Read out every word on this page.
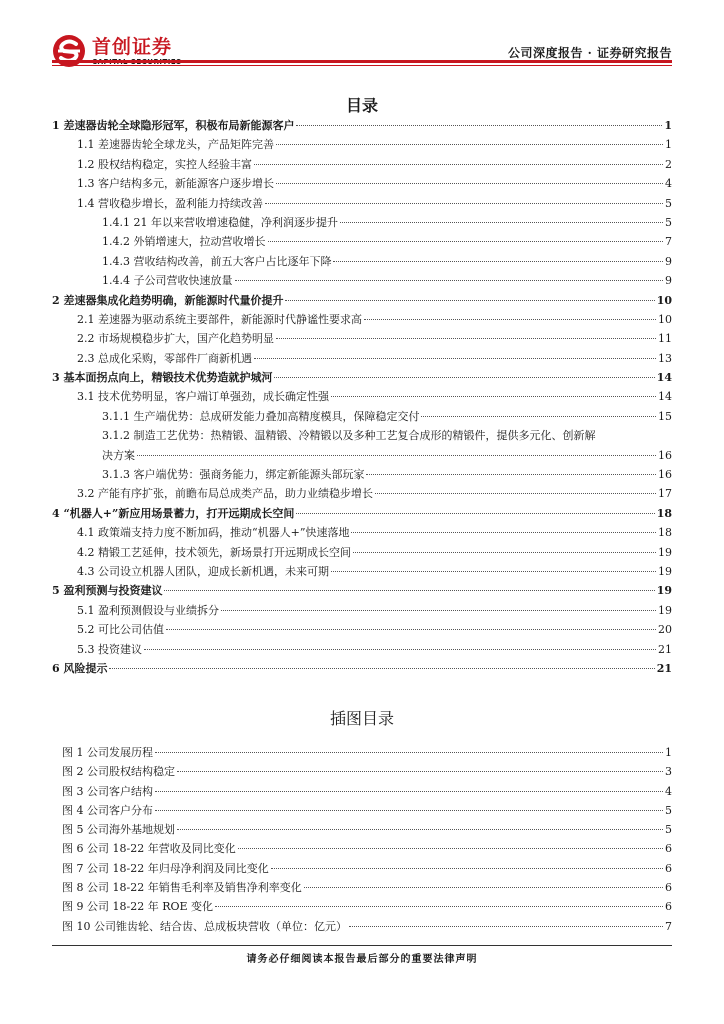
首创证券	公司深度报告 · 证券研究报告
目录
1 差速器齿轮全球隐形冠军，积极布局新能源客户	1
1.1 差速器齿轮全球龙头，产品矩阵完善	1
1.2 股权结构稳定，实控人经验丰富	2
1.3 客户结构多元，新能源客户逐步增长	4
1.4 营收稳步增长，盈利能力持续改善	5
1.4.1 21 年以来营收增速稳健，净利润逐步提升	5
1.4.2 外销增速大，拉动营收增长	7
1.4.3 营收结构改善，前五大客户占比逐年下降	9
1.4.4 子公司营收快速放量	9
2 差速器集成化趋势明确，新能源时代量价提升	10
2.1 差速器为驱动系统主要部件，新能源时代静谧性要求高	10
2.2 市场规模稳步扩大，国产化趋势明显	11
2.3 总成化采购，零部件厂商新机遇	13
3 基本面拐点向上，精锻技术优势造就护城河	14
3.1 技术优势明显，客户端订单强劲，成长确定性强	14
3.1.1 生产端优势：总成研发能力叠加高精度模具，保障稳定交付	15
3.1.2 制造工艺优势：热精锻、温精锻、冷精锻以及多种工艺复合成形的精锻件，提供多元化、创新解
决方案	16
3.1.3 客户端优势：强商务能力，绑定新能源头部玩家	16
3.2 产能有序扩张，前瞻布局总成类产品，助力业绩稳步增长	17
4 “机器人+”新应用场景蓄力，打开远期成长空间	18
4.1 政策端支持力度不断加码，推动“机器人+”快速落地	18
4.2 精锻工艺延伸，技术领先，新场景打开远期成长空间	19
4.3 公司设立机器人团队，迎成长新机遇，未来可期	19
5 盈利预测与投资建议	19
5.1 盈利预测假设与业绩拆分	19
5.2 可比公司估值	20
5.3 投资建议	21
6 风险提示	21
插图目录
图 1 公司发展历程	1
图 2 公司股权结构稳定	3
图 3 公司客户结构	4
图 4 公司客户分布	5
图 5 公司海外基地规划	5
图 6 公司 18-22 年营收及同比变化	6
图 7 公司 18-22 年归母净利润及同比变化	6
图 8 公司 18-22 年销售毛利率及销售净利率变化	6
图 9 公司 18-22 年 ROE 变化	6
图 10 公司锥齿轮、结合齿、总成板块营收（单位：亿元）	7
请务必仔细阅读本报告最后部分的重要法律声明
